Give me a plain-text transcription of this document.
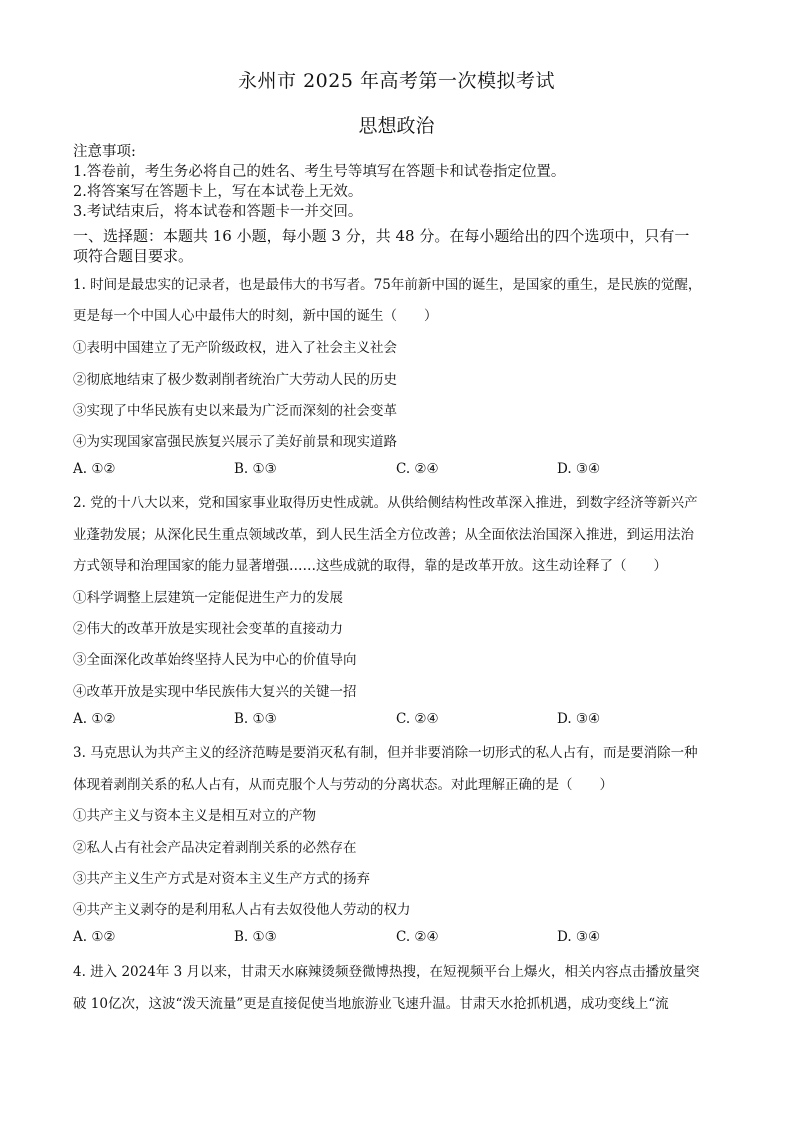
永州市 2025 年高考第一次模拟考试
思想政治
注意事项:
1.答卷前，考生务必将自己的姓名、考生号等填写在答题卡和试卷指定位置。
2.将答案写在答题卡上，写在本试卷上无效。
3.考试结束后，将本试卷和答题卡一并交回。
一、选择题：本题共 16 小题，每小题 3 分，共 48 分。在每小题给出的四个选项中，只有一
项符合题目要求。
1. 时间是最忠实的记录者，也是最伟大的书写者。75年前新中国的诞生，是国家的重生，是民族的觉醒，
更是每一个中国人心中最伟大的时刻，新中国的诞生（　　）
①表明中国建立了无产阶级政权，进入了社会主义社会
②彻底地结束了极少数剥削者统治广大劳动人民的历史
③实现了中华民族有史以来最为广泛而深刻的社会变革
④为实现国家富强民族复兴展示了美好前景和现实道路
A. ①②	B. ①③	C. ②④	D. ③④
2. 党的十八大以来，党和国家事业取得历史性成就。从供给侧结构性改革深入推进，到数字经济等新兴产
业蓬勃发展；从深化民生重点领域改革，到人民生活全方位改善；从全面依法治国深入推进，到运用法治
方式领导和治理国家的能力显著增强……这些成就的取得，靠的是改革开放。这生动诠释了（　　）
①科学调整上层建筑一定能促进生产力的发展
②伟大的改革开放是实现社会变革的直接动力
③全面深化改革始终坚持人民为中心的价值导向
④改革开放是实现中华民族伟大复兴的关键一招
A. ①②	B. ①③	C. ②④	D. ③④
3. 马克思认为共产主义的经济范畴是要消灭私有制，但并非要消除一切形式的私人占有，而是要消除一种
体现着剥削关系的私人占有，从而克服个人与劳动的分离状态。对此理解正确的是（　　）
①共产主义与资本主义是相互对立的产物
②私人占有社会产品决定着剥削关系的必然存在
③共产主义生产方式是对资本主义生产方式的扬弃
④共产主义剥夺的是利用私人占有去奴役他人劳动的权力
A. ①②	B. ①③	C. ②④	D. ③④
4. 进入 2024年 3 月以来，甘肃天水麻辣烫频登微博热搜，在短视频平台上爆火，相关内容点击播放量突
破 10亿次，这波“泼天流量”更是直接促使当地旅游业飞速升温。甘肃天水抢抓机遇，成功变线上“流
